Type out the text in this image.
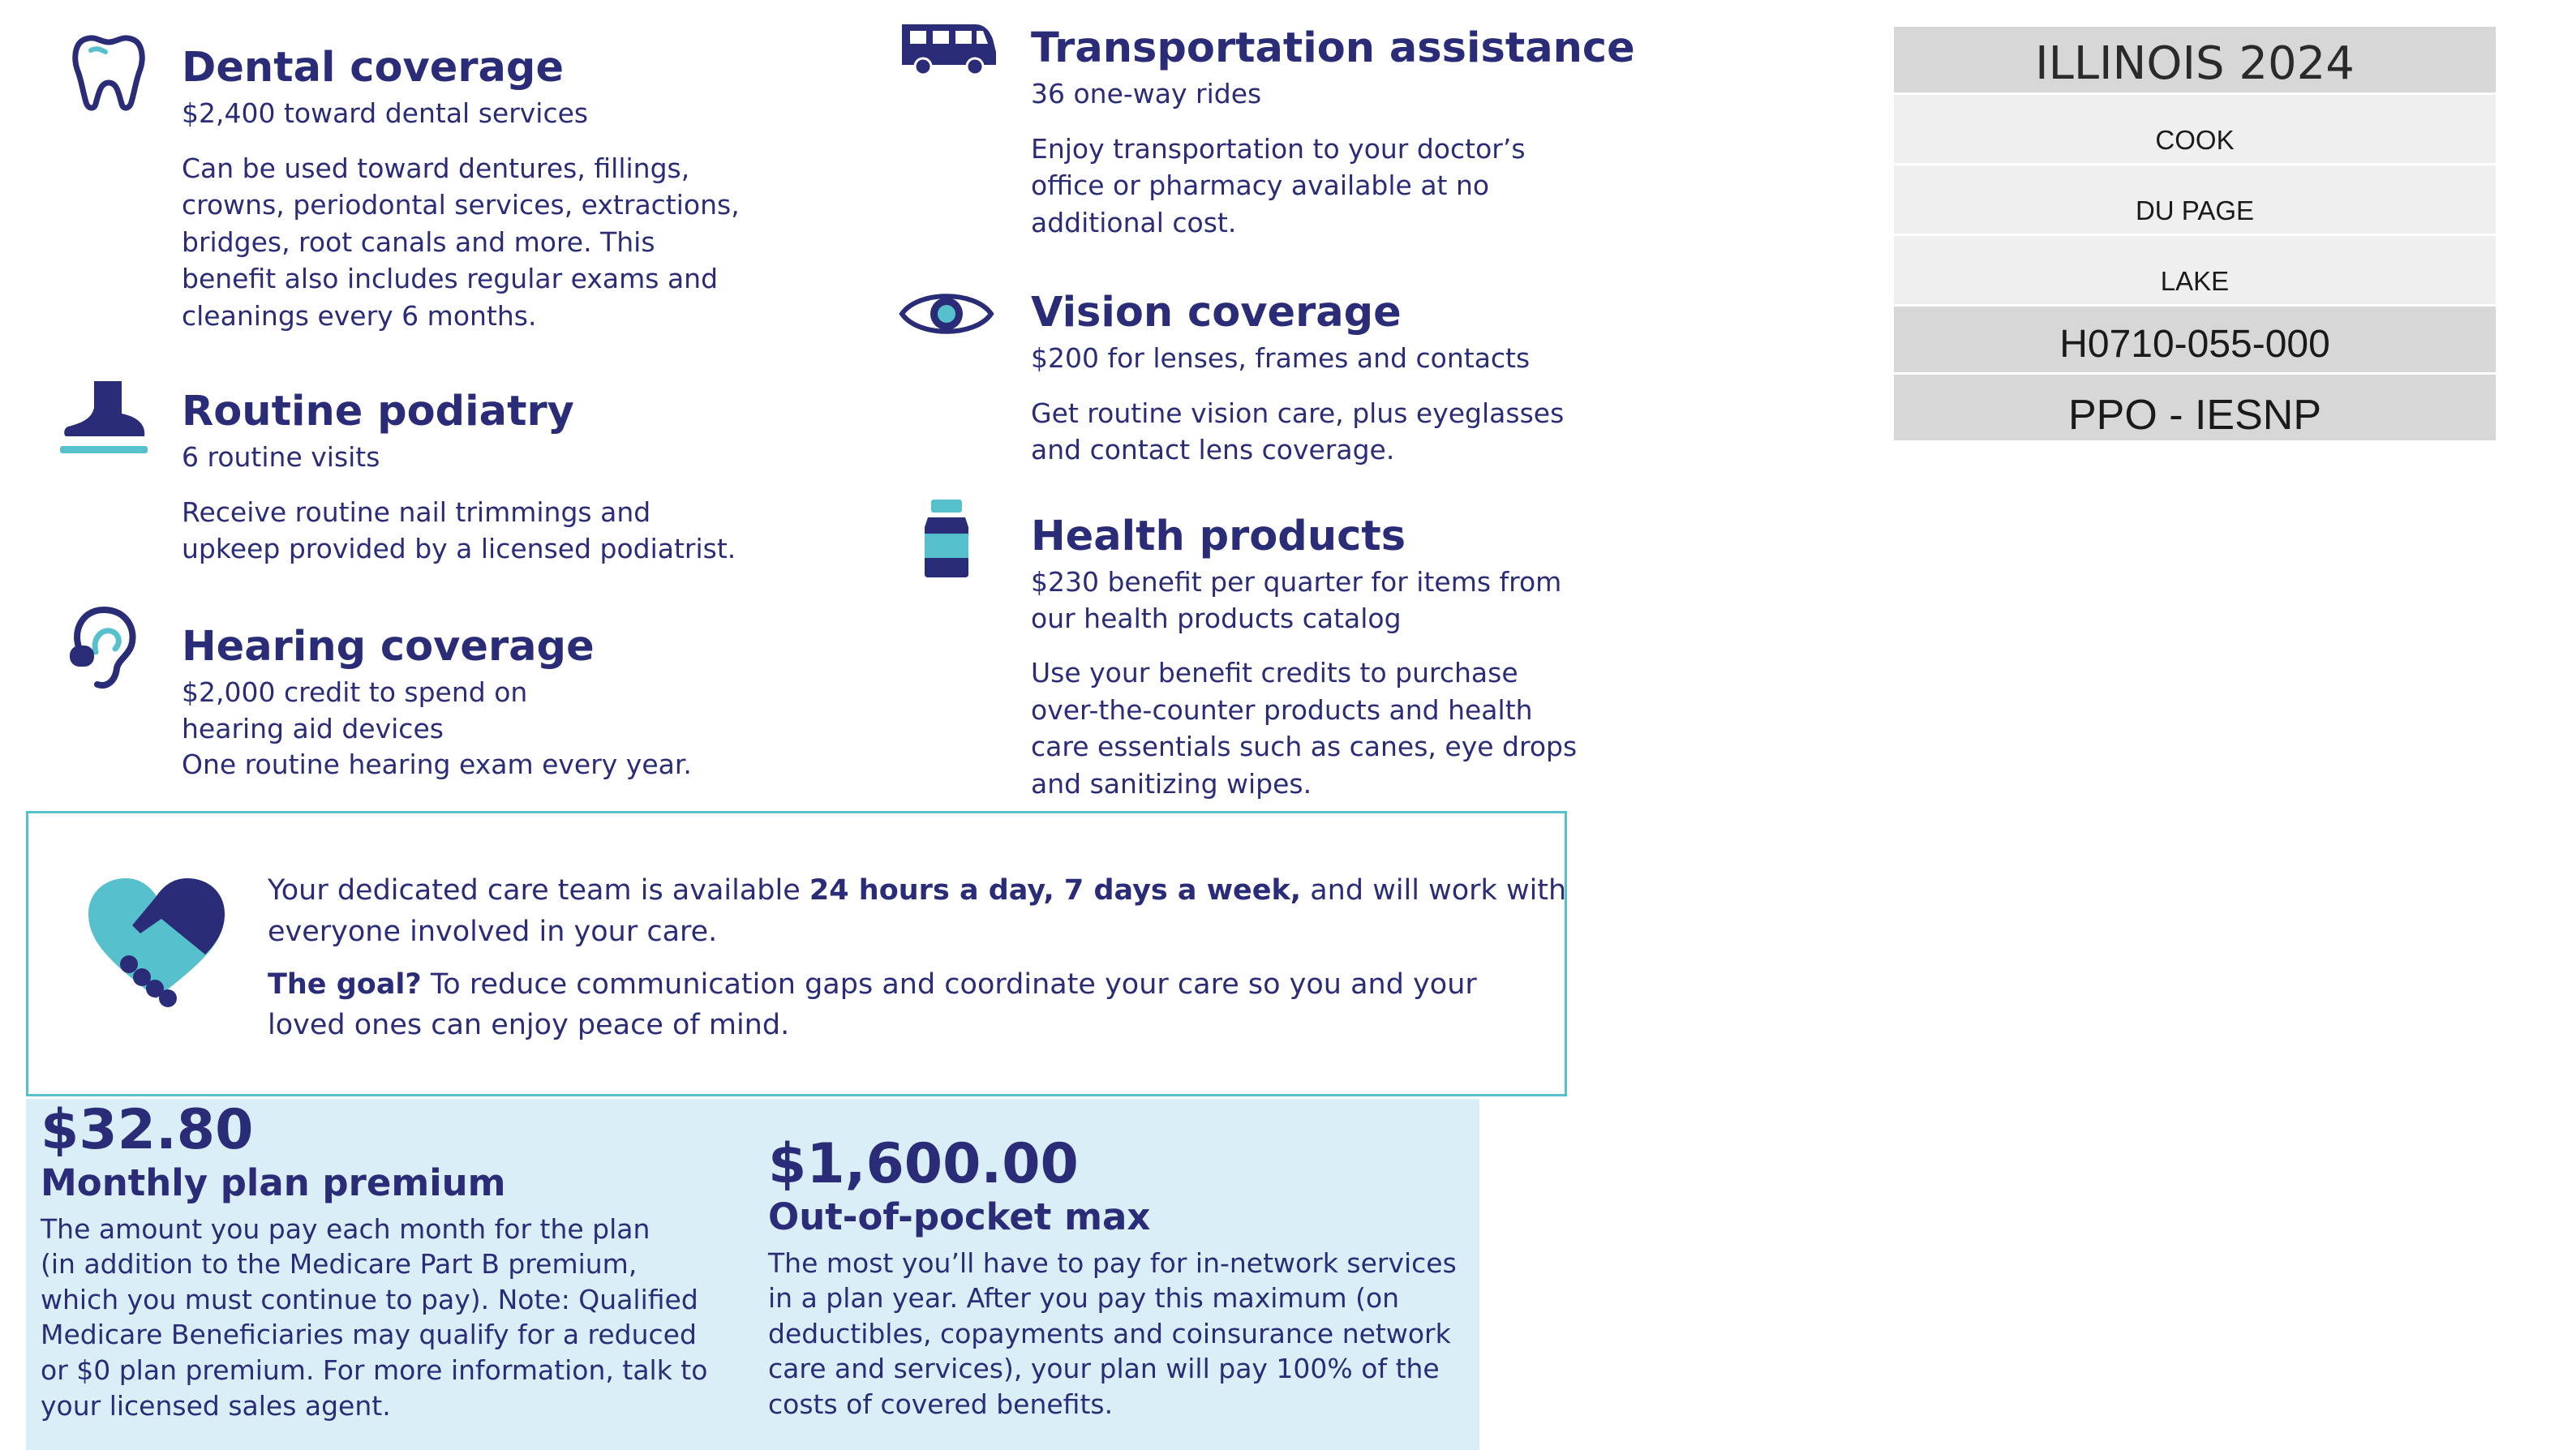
Dental coverage
$2,400 toward dental services
Can be used toward dentures, fillings,
crowns, periodontal services, extractions,
bridges, root canals and more. This
benefit also includes regular exams and
cleanings every 6 months.
Routine podiatry
6 routine visits
Receive routine nail trimmings and
upkeep provided by a licensed podiatrist.
Hearing coverage
$2,000 credit to spend on
hearing aid devices
One routine hearing exam every year.
Transportation assistance
36 one-way rides
Enjoy transportation to your doctor’s
office or pharmacy available at no
additional cost.
Vision coverage
$200 for lenses, frames and contacts
Get routine vision care, plus eyeglasses
and contact lens coverage.
Health products
$230 benefit per quarter for items from
our health products catalog
Use your benefit credits to purchase
over-the-counter products and health
care essentials such as canes, eye drops
and sanitizing wipes.
Your dedicated care team is available 24 hours a day, 7 days a week, and will work with
everyone involved in your care.
The goal? To reduce communication gaps and coordinate your care so you and your
loved ones can enjoy peace of mind.
$32.80
Monthly plan premium
The amount you pay each month for the plan
(in addition to the Medicare Part B premium,
which you must continue to pay). Note: Qualified
Medicare Beneficiaries may qualify for a reduced
or $0 plan premium. For more information, talk to
your licensed sales agent.
$1,600.00
Out-of-pocket max
The most you’ll have to pay for in-network services
in a plan year. After you pay this maximum (on
deductibles, copayments and coinsurance network
care and services), your plan will pay 100% of the
costs of covered benefits.
ILLINOIS 2024
COOK
DU PAGE
LAKE
H0710-055-000
PPO - IESNP
